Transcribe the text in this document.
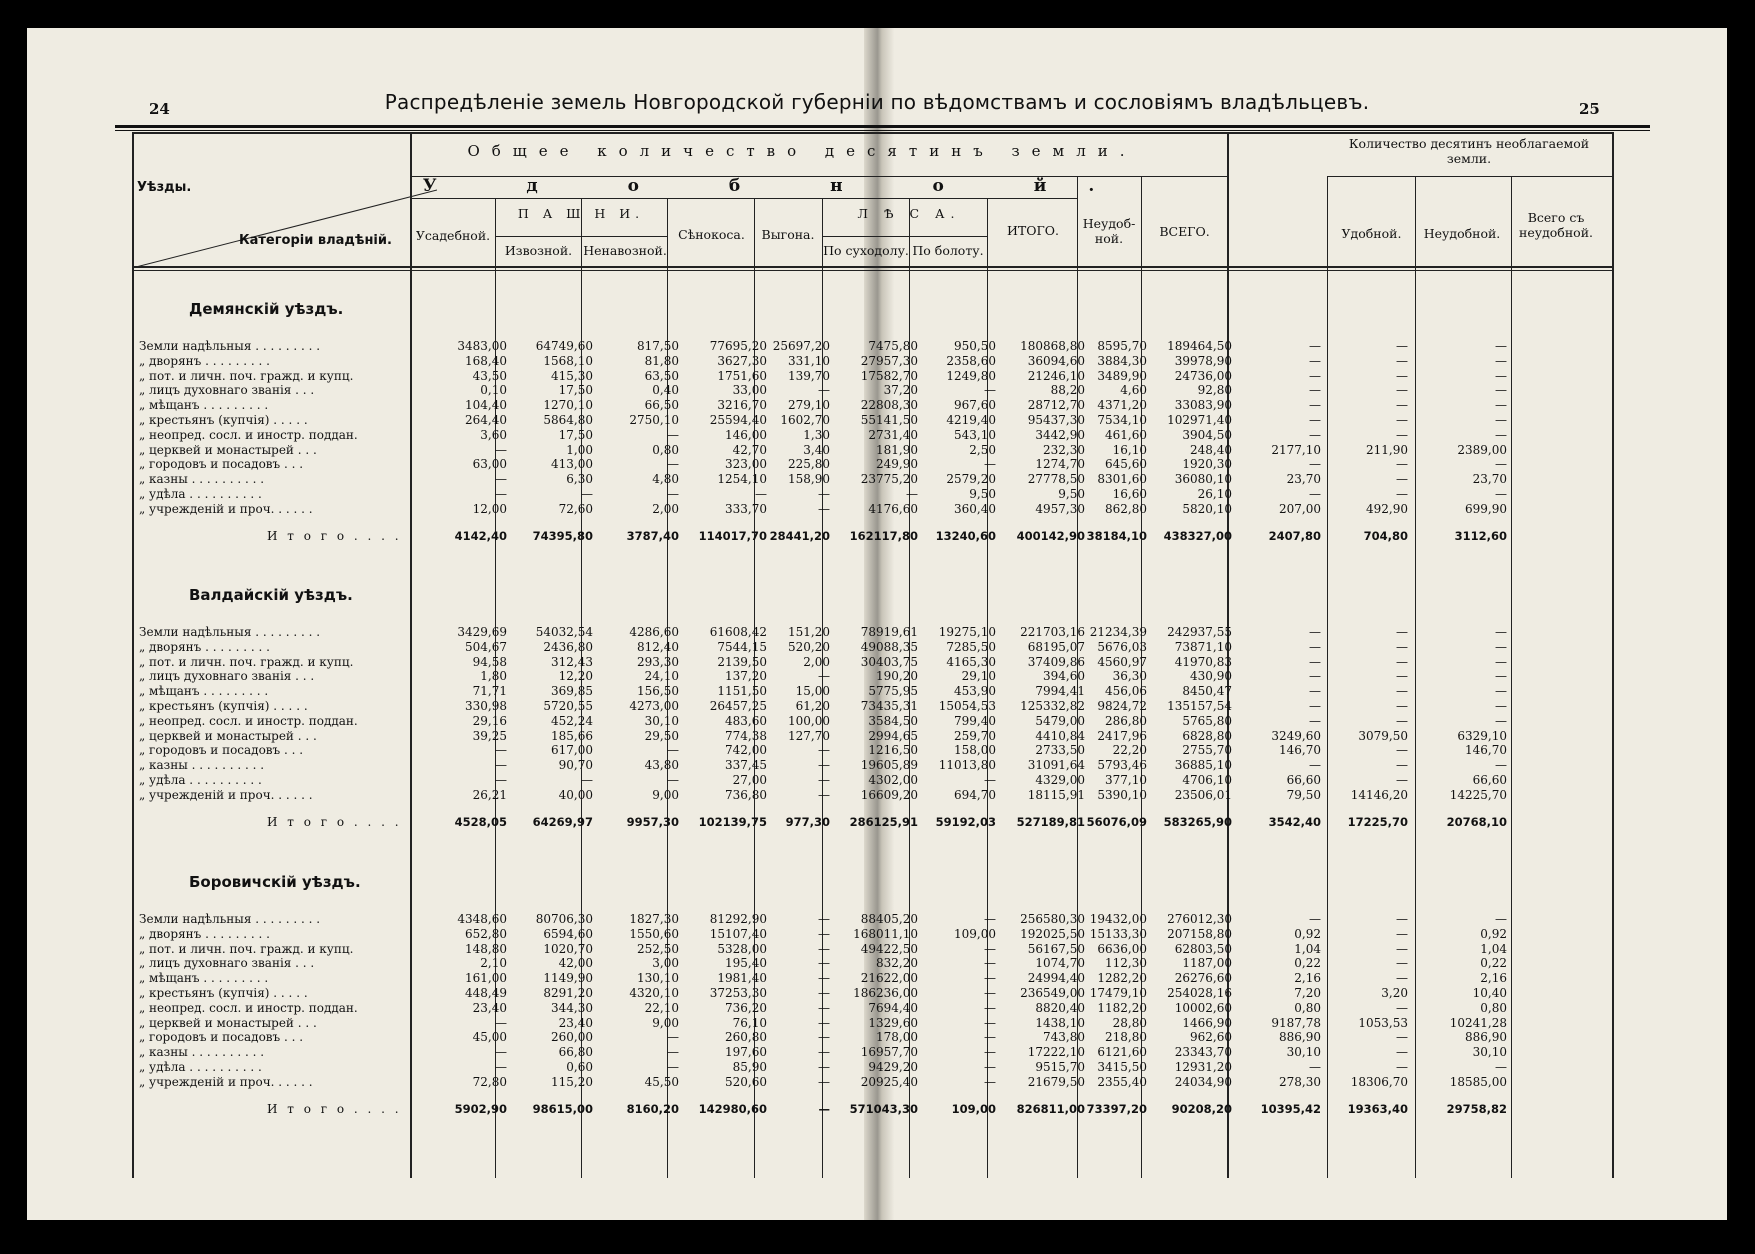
24	25
Распредѣленіе земель Новгородской губерніи по вѣдомствамъ и сословіямъ владѣльцевъ.
Уѣзды.
Категоріи владѣній.
Общее количество десятинъ земли.	Количество десятинъ необлагаемой земли.
У д о б н о й.
Усадебной.
П А Ш Н И.
Извозной. Ненавозной.
Сѣнокоса.	Выгона.
Л Ѣ С А.
По суходолу. По болоту.
ИТОГО.	Неудоб-ной.	ВСЕГО.	Удобной.	Неудобной.
Всего съ неудобной.
Демянскій уѣздъ.
Земли надѣльныя . . . . . . . . .	3483,00	64749,60	817,50	77695,20 25697,20	7475,80	950,50	180868,80	8595,70	189464,50	—	—	—
„ дворянъ . . . . . . . . .	168,40	1568,10	81,80	3627,30	331,10	27957,30	2358,60	36094,60	3884,30	39978,90	—	—	—
„ пот. и личн. поч. гражд. и купц.	43,50	415,30	63,50	1751,60	139,70	17582,70	1249,80	21246,10	3489,90	24736,00	—	—	—
„ лицъ духовнаго званія . . .	0,10	17,50	0,40	33,00	—	37,20	—	88,20	4,60	92,80	—	—	—
„ мѣщанъ . . . . . . . . .	104,40	1270,10	66,50	3216,70	279,10	22808,30	967,60	28712,70	4371,20	33083,90	—	—	—
„ крестьянъ (купчія) . . . . .	264,40	5864,80	2750,10	25594,40	1602,70	55141,50	4219,40	95437,30	7534,10	102971,40	—	—	—
„ неопред. сосл. и иностр. поддан.	3,60	17,50	—	146,00	1,30	2731,40	543,10	3442,90	461,60	3904,50	—	—	—
„ церквей и монастырей . . .	—	1,00	0,80	42,70	3,40	181,90	2,50	232,30	16,10	248,40	2177,10	211,90	2389,00
„ городовъ и посадовъ . . .	63,00	413,00	—	323,00	225,80	249,90	—	1274,70	645,60	1920,30	—	—	—
„ казны . . . . . . . . . .	—	6,30	4,80	1254,10	158,90	23775,20	2579,20	27778,50	8301,60	36080,10	23,70	—	23,70
„ удѣла . . . . . . . . . .	—	—	—	—	—	—	9,50	9,50	16,60	26,10	—	—	—
„ учрежденій и проч. . . . . .	12,00	72,60	2,00	333,70	—	4176,60	360,40	4957,30	862,80	5820,10	207,00	492,90	699,90
И т о г о . . . .	4142,40	74395,80	3787,40	114017,70 28441,20	162117,80	13240,60	400142,90 38184,10	438327,00	2407,80	704,80	3112,60
Валдайскій уѣздъ.
Земли надѣльныя . . . . . . . . .	3429,69	54032,54	4286,60	61608,42	151,20	78919,61	19275,10	221703,16 21234,39	242937,55	—	—	—
„ дворянъ . . . . . . . . .	504,67	2436,80	812,40	7544,15	520,20	49088,35	7285,50	68195,07	5676,03	73871,10	—	—	—
„ пот. и личн. поч. гражд. и купц.	94,58	312,43	293,30	2139,50	2,00	30403,75	4165,30	37409,86	4560,97	41970,83	—	—	—
„ лицъ духовнаго званія . . .	1,80	12,20	24,10	137,20	—	190,20	29,10	394,60	36,30	430,90	—	—	—
„ мѣщанъ . . . . . . . . .	71,71	369,85	156,50	1151,50	15,00	5775,95	453,90	7994,41	456,06	8450,47	—	—	—
„ крестьянъ (купчія) . . . . .	330,98	5720,55	4273,00	26457,25	61,20	73435,31	15054,53	125332,82	9824,72	135157,54	—	—	—
„ неопред. сосл. и иностр. поддан.	29,16	452,24	30,10	483,60	100,00	3584,50	799,40	5479,00	286,80	5765,80	—	—	—
„ церквей и монастырей . . .	39,25	185,66	29,50	774,38	127,70	2994,65	259,70	4410,84	2417,96	6828,80	3249,60	3079,50	6329,10
„ городовъ и посадовъ . . .	—	617,00	—	742,00	—	1216,50	158,00	2733,50	22,20	2755,70	146,70	—	146,70
„ казны . . . . . . . . . .	—	90,70	43,80	337,45	—	19605,89	11013,80	31091,64	5793,46	36885,10	—	—	—
„ удѣла . . . . . . . . . .	—	—	—	27,00	—	4302,00	—	4329,00	377,10	4706,10	66,60	—	66,60
„ учрежденій и проч. . . . . .	26,21	40,00	9,00	736,80	—	16609,20	694,70	18115,91	5390,10	23506,01	79,50	14146,20	14225,70
И т о г о . . . .	4528,05	64269,97	9957,30	102139,75	977,30	286125,91	59192,03	527189,81 56076,09	583265,90	3542,40	17225,70	20768,10
Боровичскій уѣздъ.
Земли надѣльныя . . . . . . . . .	4348,60	80706,30	1827,30	81292,90	—	88405,20	—	256580,30 19432,00	276012,30	—	—	—
„ дворянъ . . . . . . . . .	652,80	6594,60	1550,60	15107,40	—	168011,10	109,00	192025,50 15133,30	207158,80	0,92	—	0,92
„ пот. и личн. поч. гражд. и купц.	148,80	1020,70	252,50	5328,00	—	49422,50	—	56167,50	6636,00	62803,50	1,04	—	1,04
„ лицъ духовнаго званія . . .	2,10	42,00	3,00	195,40	—	832,20	—	1074,70	112,30	1187,00	0,22	—	0,22
„ мѣщанъ . . . . . . . . .	161,00	1149,90	130,10	1981,40	—	21622,00	—	24994,40	1282,20	26276,60	2,16	—	2,16
„ крестьянъ (купчія) . . . . .	448,49	8291,20	4320,10	37253,30	—	186236,00	—	236549,00 17479,10	254028,16	7,20	3,20	10,40
„ неопред. сосл. и иностр. поддан.	23,40	344,30	22,10	736,20	—	7694,40	—	8820,40	1182,20	10002,60	0,80	—	0,80
„ церквей и монастырей . . .	—	23,40	9,00	76,10	—	1329,60	—	1438,10	28,80	1466,90	9187,78	1053,53	10241,28
„ городовъ и посадовъ . . .	45,00	260,00	—	260,80	—	178,00	—	743,80	218,80	962,60	886,90	—	886,90
„ казны . . . . . . . . . .	—	66,80	—	197,60	—	16957,70	—	17222,10	6121,60	23343,70	30,10	—	30,10
„ удѣла . . . . . . . . . .	—	0,60	—	85,90	—	9429,20	—	9515,70	3415,50	12931,20	—	—	—
„ учрежденій и проч. . . . . .	72,80	115,20	45,50	520,60	—	20925,40	—	21679,50	2355,40	24034,90	278,30	18306,70	18585,00
И т о г о . . . .	5902,90	98615,00	8160,20	142980,60	—	571043,30	109,00	826811,00 73397,20	90208,20	10395,42	19363,40	29758,82
